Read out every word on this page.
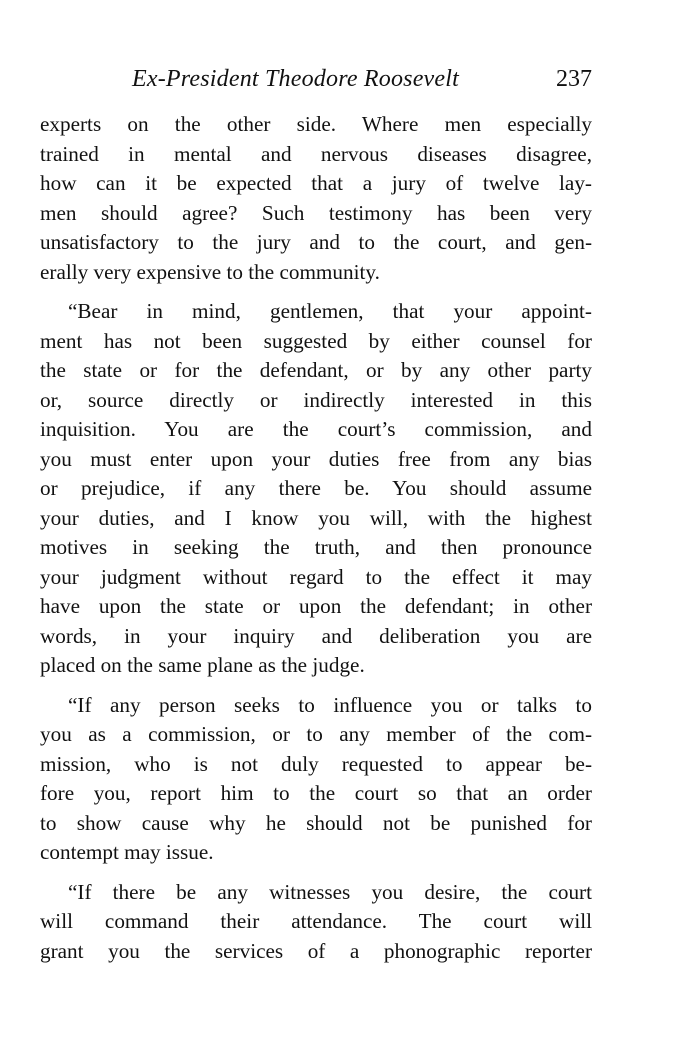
Ex-President Theodore Roosevelt	237
experts on the other side. Where men especially
trained in mental and nervous diseases disagree,
how can it be expected that a jury of twelve lay-
men should agree? Such testimony has been very
unsatisfactory to the jury and to the court, and gen-
erally very expensive to the community.
“Bear in mind, gentlemen, that your appoint-
ment has not been suggested by either counsel for
the state or for the defendant, or by any other party
or, source directly or indirectly interested in this
inquisition. You are the court’s commission, and
you must enter upon your duties free from any bias
or prejudice, if any there be. You should assume
your duties, and I know you will, with the highest
motives in seeking the truth, and then pronounce
your judgment without regard to the effect it may
have upon the state or upon the defendant; in other
words, in your inquiry and deliberation you are
placed on the same plane as the judge.
“If any person seeks to influence you or talks to
you as a commission, or to any member of the com-
mission, who is not duly requested to appear be-
fore you, report him to the court so that an order
to show cause why he should not be punished for
contempt may issue.
“If there be any witnesses you desire, the court
will command their attendance. The court will
grant you the services of a phonographic reporter
